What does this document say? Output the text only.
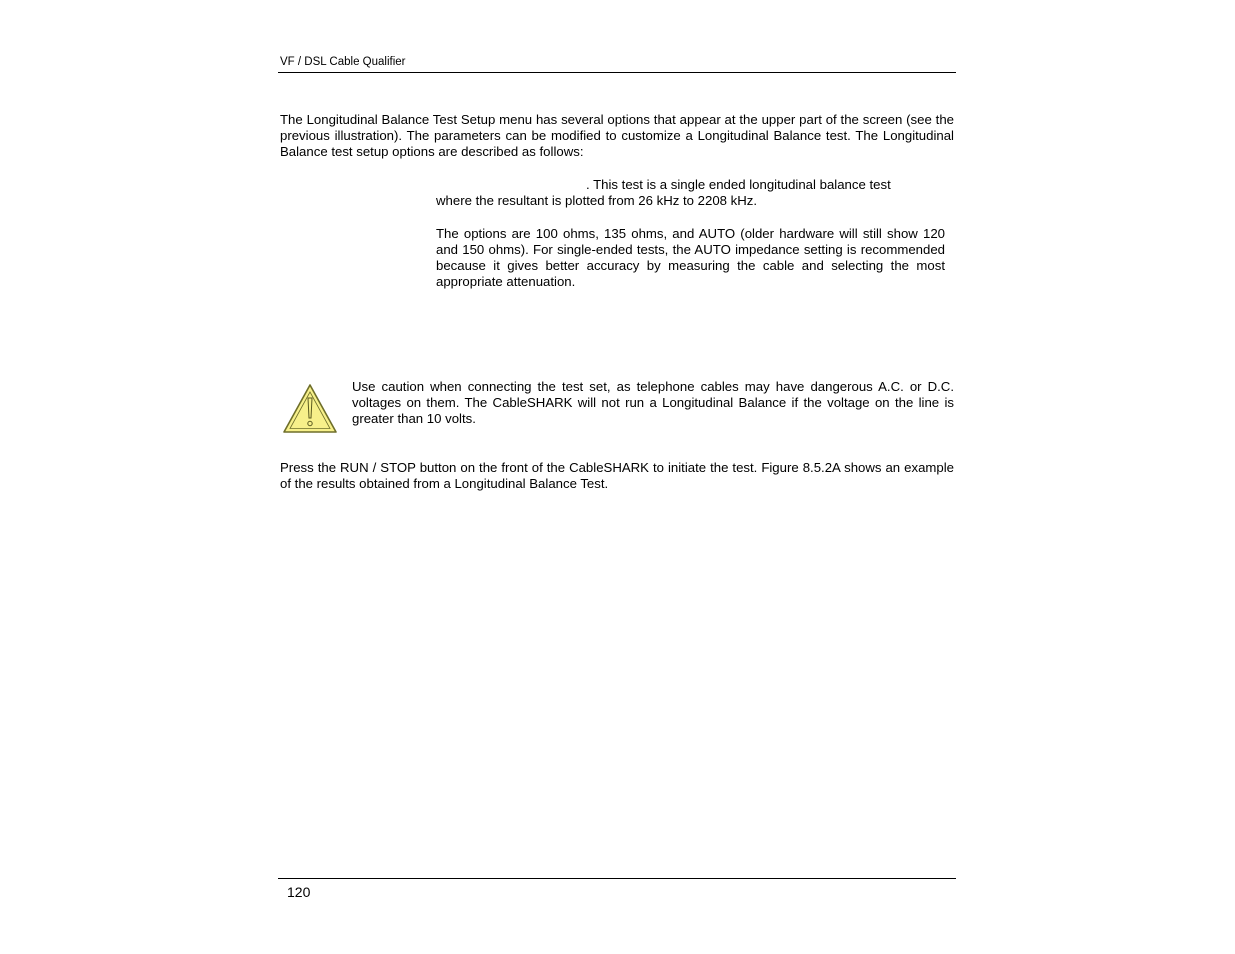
VF / DSL Cable Qualifier

The Longitudinal Balance Test Setup menu has several options that appear at the upper part of the screen (see the previous illustration). The parameters can be modified to customize a Longitudinal Balance test. The Longitudinal Balance test setup options are described as follows:

. This test is a single ended longitudinal balance test
where the resultant is plotted from 26 kHz to 2208 kHz.

The options are 100 ohms, 135 ohms, and AUTO (older hardware will still show 120 and 150 ohms). For single-ended tests, the AUTO impedance setting is recommended because it gives better accuracy by measuring the cable and selecting the most appropriate attenuation.

Use caution when connecting the test set, as telephone cables may have dangerous A.C. or D.C. voltages on them. The CableSHARK will not run a Longitudinal Balance if the voltage on the line is greater than 10 volts.

Press the RUN / STOP button on the front of the CableSHARK to initiate the test. Figure 8.5.2A shows an example of the results obtained from a Longitudinal Balance Test.

120
